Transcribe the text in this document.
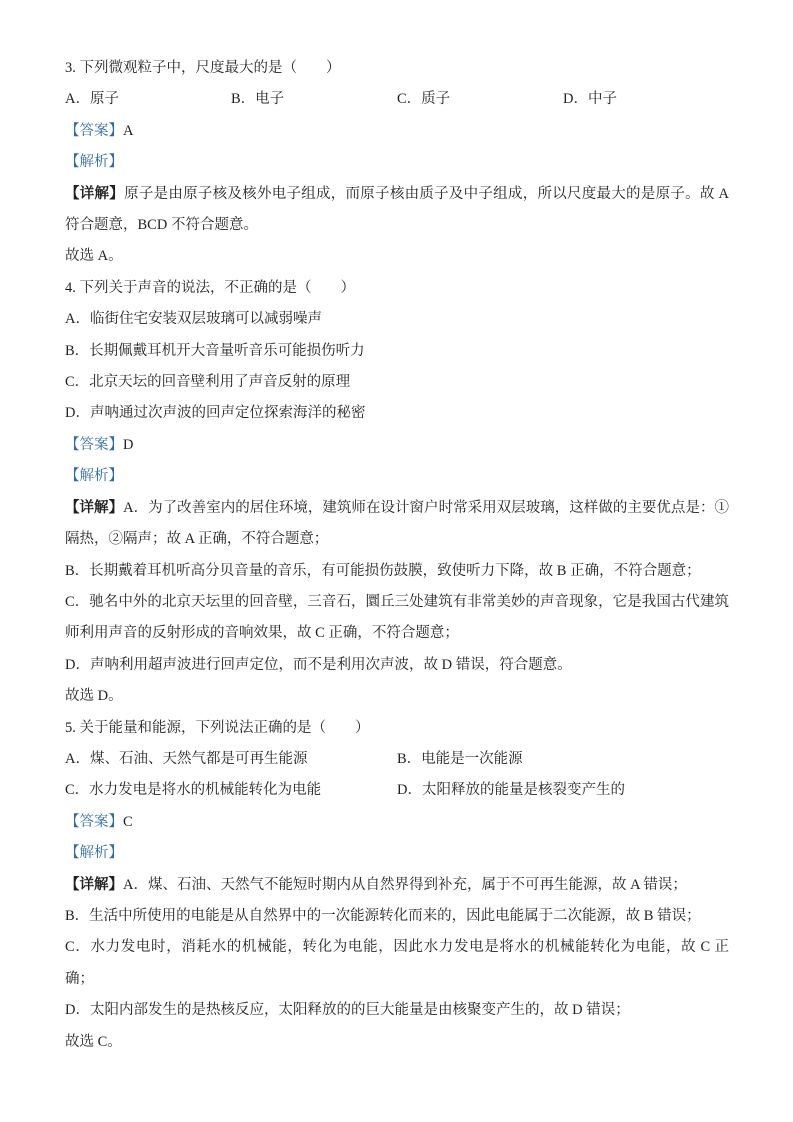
3. 下列微观粒子中，尺度最大的是（　　）

A．原子	B．电子	C．质子	D．中子

【答案】A

【解析】

【详解】原子是由原子核及核外电子组成，而原子核由质子及中子组成，所以尺度最大的是原子。故 A 符合题意，BCD 不符合题意。

故选 A。

4. 下列关于声音的说法，不正确的是（　　）

A．临街住宅安装双层玻璃可以减弱噪声
B．长期佩戴耳机开大音量听音乐可能损伤听力
C．北京天坛的回音壁利用了声音反射的原理
D．声呐通过次声波的回声定位探索海洋的秘密

【答案】D

【解析】

【详解】A．为了改善室内的居住环境，建筑师在设计窗户时常采用双层玻璃，这样做的主要优点是：①隔热，②隔声；故 A 正确，不符合题意；

B．长期戴着耳机听高分贝音量的音乐，有可能损伤鼓膜，致使听力下降，故 B 正确，不符合题意；

C．驰名中外的北京天坛里的回音壁，三音石，圜丘三处建筑有非常美妙的声音现象，它是我国古代建筑师利用声音的反射形成的音响效果，故 C 正确，不符合题意；

D．声呐利用超声波进行回声定位，而不是利用次声波，故 D 错误，符合题意。

故选 D。

5. 关于能量和能源，下列说法正确的是（　　）

A．煤、石油、天然气都是可再生能源	B．电能是一次能源
C．水力发电是将水的机械能转化为电能	D．太阳释放的能量是核裂变产生的

【答案】C

【解析】

【详解】A．煤、石油、天然气不能短时期内从自然界得到补充，属于不可再生能源，故 A 错误；

B．生活中所使用的电能是从自然界中的一次能源转化而来的，因此电能属于二次能源，故 B 错误；

C．水力发电时，消耗水的机械能，转化为电能，因此水力发电是将水的机械能转化为电能，故 C 正确；

D．太阳内部发生的是热核反应，太阳释放的的巨大能量是由核聚变产生的，故 D 错误；

故选 C。
